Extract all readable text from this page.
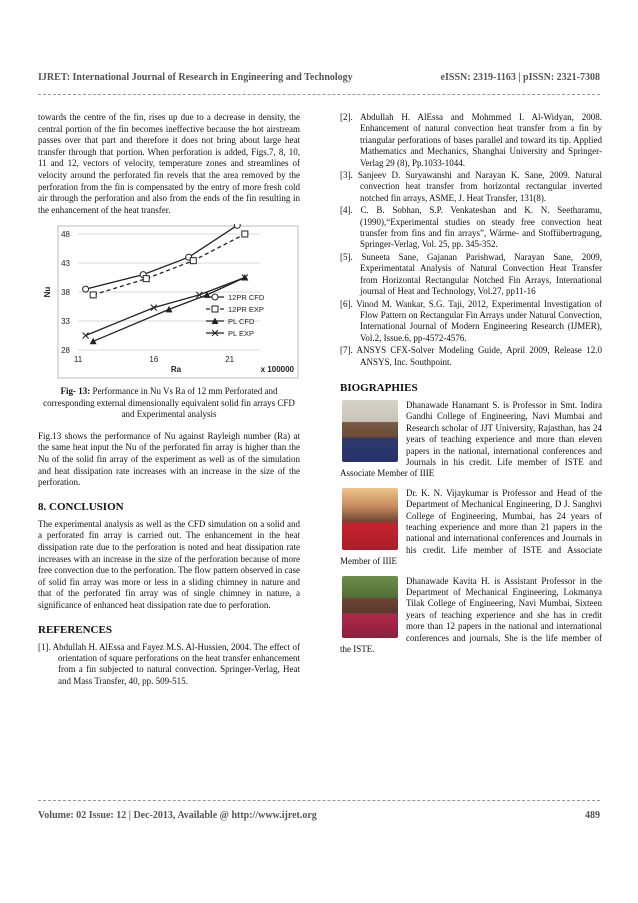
IJRET: International Journal of Research in Engineering and Technology	eISSN: 2319-1163 | pISSN: 2321-7308

towards the centre of the fin, rises up due to a decrease in density, the central portion of the fin becomes ineffective because the hot airstream passes over that part and therefore it does not bring about large heat transfer through that portion. When perforation is added, Figs.7, 8, 10, 11 and 12, vectors of velocity, temperature zones and streamlines of velocity around the perforated fin revels that the area removed by the perforation from the fin is compensated by the entry of more fresh cold air through the perforation and also from the ends of the fin resulting in the enhancement of the heat transfer.

28
33
38
43
48
11	16	21
Nu
Ra	x 100000
12PR CFD
12PR EXP
PL CFD
PL EXP

Fig- 13: Performance in Nu Vs Ra of 12 mm Perforated and corresponding external dimensionally equivalent solid fin arrays CFD and Experimental analysis

Fig.13 shows the performance of Nu against Rayleigh number (Ra) at the same heat input the Nu of the perforated fin array is higher than the Nu of the solid fin array of the experiment as well as of the simulation and heat dissipation rate increases with an increase in the size of the perforation.

8. CONCLUSION

The experimental analysis as well as the CFD simulation on a solid and a perforated fin array is carried out. The enhancement in the heat dissipation rate due to the perforation is noted and heat dissipation rate increases with an increase in the size of the perforation because of more free convection due to the perforation. The flow pattern observed in case of solid fin array was more or less in a sliding chimney in nature and that of the perforated fin array was of single chimney in nature, a significance of enhanced heat dissipation rate due to perforation.

REFERENCES

[1]. Abdullah H. AlEssa and Fayez M.S. Al-Hussien, 2004. The effect of orientation of square perforations on the heat transfer enhancement from a fin subjected to natural convection. Springer-Verlag, Heat and Mass Transfer, 40, pp. 509-515.

[2]. Abdullah H. AlEssa and Mohmmed I. Al-Widyan, 2008. Enhancement of natural convection heat transfer from a fin by triangular perforations of bases parallel and toward its tip. Applied Mathematics and Mechanics, Shanghai University and Springer-Verlag 29 (8), Pp.1033-1044.

[3]. Sanjeev D. Suryawanshi and Narayan K. Sane, 2009. Natural convection heat transfer from horizontal rectangular inverted notched fin arrays, ASME, J. Heat Transfer, 131(8).

[4]. C. B. Sobhan, S.P. Venkateshan and K. N. Seetharamu, (1990),“Experimental studies on steady free convection heat transfer from fins and fin arrays”, Wärme- and Stoffübertragung, Springer-Verlag, Vol. 25, pp. 345-352.

[5]. Suneeta Sane, Gajanan Parishwad, Narayan Sane, 2009, Experimentatal Analysis of Natural Convection Heat Transfer from Horizontal Rectangular Notched Fin Arrays, International journal of Heat and Technology, Vol.27, pp11-16

[6]. Vinod M. Wankar, S.G. Taji, 2012, Experimental Investigation of Flow Pattern on Rectangular Fin Arrays under Natural Convection, International Journal of Modern Engineering Research (IJMER), Vol.2, Issue.6, pp-4572-4576.

[7]. ANSYS CFX-Solver Modeling Guide, April 2009, Release 12.0 ANSYS, Inc. Southpoint.

BIOGRAPHIES
Dhanawade Hanamant S. is Professor in Smt. Indira Gandhi College of Engineering, Navi Mumbai and Research scholar of JJT University, Rajasthan, has 24 years of teaching experience and more than eleven papers in the national, international conferences and Journals in his credit. Life member of ISTE and Associate Member of IIIE
Dr. K. N. Vijaykumar is Professor and Head of the Department of Mechanical Engineering, D J. Sanghvi College of Engineering, Mumbai, has 24 years of teaching experience and more than 21 papers in the national and international conferences and Journals in his credit. Life member of ISTE and Associate Member of IIIE
Dhanawade Kavita H. is Assistant Professor in the Department of Mechanical Engineering, Lokmanya Tilak College of Engineering, Navi Mumbai, Sixteen years of teaching experience and she has in credit more than 12 papers in the national and international conferences and journals, She is the life member of the ISTE.
Volume: 02 Issue: 12 | Dec-2013, Available @ http://www.ijret.org	489
